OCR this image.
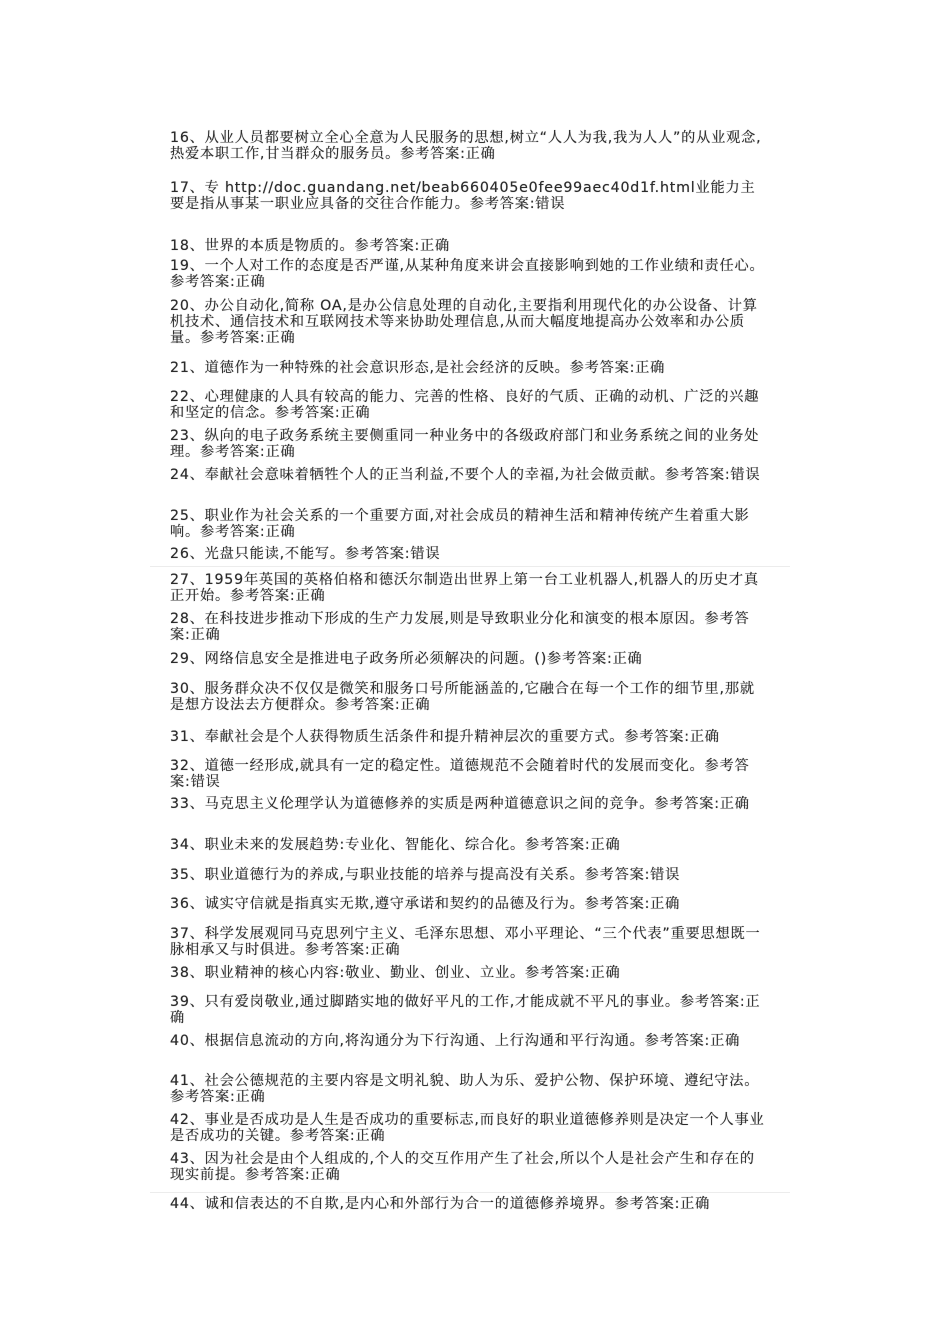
16、从业人员都要树立全心全意为人民服务的思想,树立“人人为我,我为人人”的从业观念,热爱本职工作,甘当群众的服务员。参考答案:正确
17、专 http://doc.guandang.net/beab660405e0fee99aec40d1f.html业能力主要是指从事某一职业应具备的交往合作能力。参考答案:错误
18、世界的本质是物质的。参考答案:正确
19、一个人对工作的态度是否严谨,从某种角度来讲会直接影响到她的工作业绩和责任心。参考答案:正确
20、办公自动化,简称 OA,是办公信息处理的自动化,主要指利用现代化的办公设备、计算机技术、通信技术和互联网技术等来协助处理信息,从而大幅度地提高办公效率和办公质量。参考答案:正确
21、道德作为一种特殊的社会意识形态,是社会经济的反映。参考答案:正确
22、心理健康的人具有较高的能力、完善的性格、良好的气质、正确的动机、广泛的兴趣和坚定的信念。参考答案:正确
23、纵向的电子政务系统主要侧重同一种业务中的各级政府部门和业务系统之间的业务处理。参考答案:正确
24、奉献社会意味着牺牲个人的正当利益,不要个人的幸福,为社会做贡献。参考答案:错误
25、职业作为社会关系的一个重要方面,对社会成员的精神生活和精神传统产生着重大影响。参考答案:正确
26、光盘只能读,不能写。参考答案:错误
27、1959年英国的英格伯格和德沃尔制造出世界上第一台工业机器人,机器人的历史才真正开始。参考答案:正确
28、在科技进步推动下形成的生产力发展,则是导致职业分化和演变的根本原因。参考答案:正确
29、网络信息安全是推进电子政务所必须解决的问题。()参考答案:正确
30、服务群众决不仅仅是微笑和服务口号所能涵盖的,它融合在每一个工作的细节里,那就是想方设法去方便群众。参考答案:正确
31、奉献社会是个人获得物质生活条件和提升精神层次的重要方式。参考答案:正确
32、道德一经形成,就具有一定的稳定性。道德规范不会随着时代的发展而变化。参考答案:错误
33、马克思主义伦理学认为道德修养的实质是两种道德意识之间的竞争。参考答案:正确
34、职业未来的发展趋势:专业化、智能化、综合化。参考答案:正确
35、职业道德行为的养成,与职业技能的培养与提高没有关系。参考答案:错误
36、诚实守信就是指真实无欺,遵守承诺和契约的品德及行为。参考答案:正确
37、科学发展观同马克思列宁主义、毛泽东思想、邓小平理论、“三个代表”重要思想既一脉相承又与时俱进。参考答案:正确
38、职业精神的核心内容:敬业、勤业、创业、立业。参考答案:正确
39、只有爱岗敬业,通过脚踏实地的做好平凡的工作,才能成就不平凡的事业。参考答案:正确
40、根据信息流动的方向,将沟通分为下行沟通、上行沟通和平行沟通。参考答案:正确
41、社会公德规范的主要内容是文明礼貌、助人为乐、爱护公物、保护环境、遵纪守法。参考答案:正确
42、事业是否成功是人生是否成功的重要标志,而良好的职业道德修养则是决定一个人事业是否成功的关键。参考答案:正确
43、因为社会是由个人组成的,个人的交互作用产生了社会,所以个人是社会产生和存在的现实前提。参考答案:正确
44、诚和信表达的不自欺,是内心和外部行为合一的道德修养境界。参考答案:正确
